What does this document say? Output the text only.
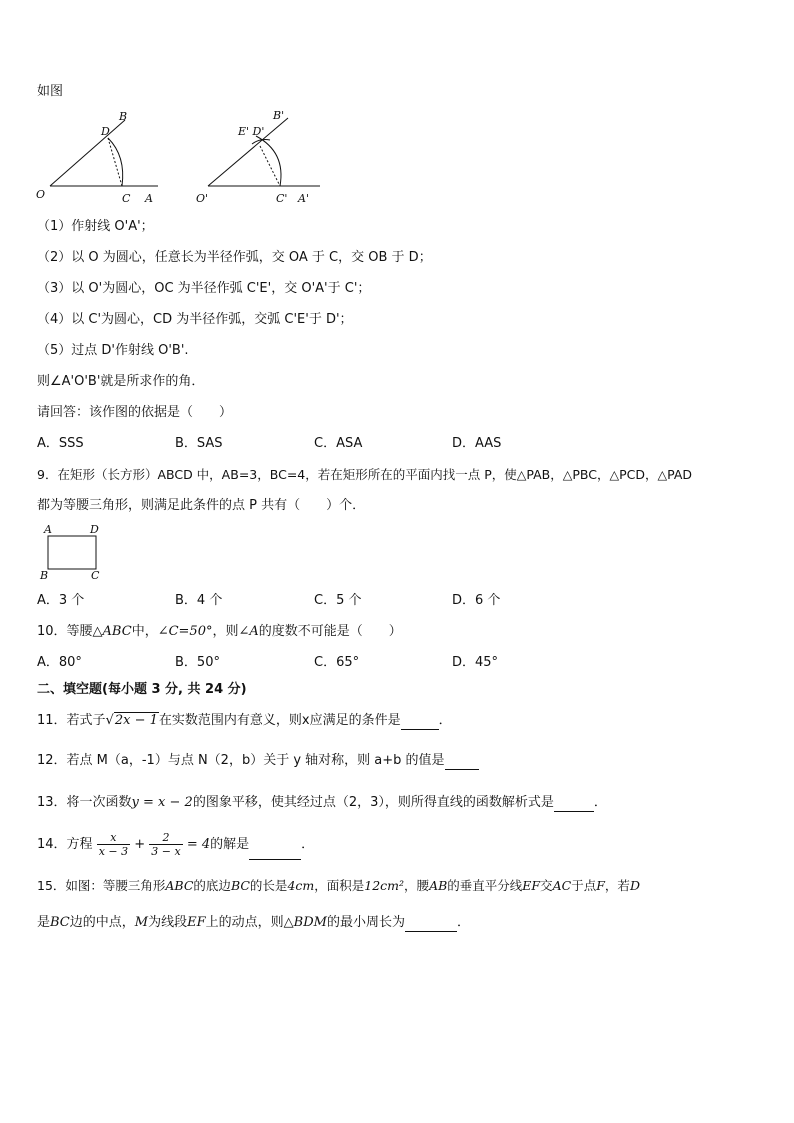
如图
B
D
O	C A
B'
E' D'
O'	C' A'
（1）作射线 O'A'；
（2）以 O 为圆心，任意长为半径作弧，交 OA 于 C，交 OB 于 D；
（3）以 O'为圆心，OC 为半径作弧 C'E'，交 O'A'于 C'；
（4）以 C'为圆心，CD 为半径作弧，交弧 C'E'于 D'；
（5）过点 D'作射线 O'B'.
则∠A'O'B'就是所求作的角．
请回答：该作图的依据是（　　）
A．SSS	B．SAS	C．ASA	D．AAS
9．在矩形（长方形）ABCD 中，AB=3，BC=4，若在矩形所在的平面内找一点 P，使△PAB，△PBC，△PCD，△PAD
都为等腰三角形，则满足此条件的点 P 共有（　　）个．
A	D
B	C
A．3 个	B．4 个	C．5 个	D．6 个
10．等腰△ABC中，∠C=50°，则∠A的度数不可能是（　　）
A．80°	B．50°	C．65°	D．45°
二、填空题(每小题 3 分, 共 24 分)
11．若式子√2x − 1在实数范围内有意义，则x应满足的条件是	．
12．若点 M（a，-1）与点 N（2，b）关于 y 轴对称，则 a+b 的值是
13．将一次函数y = x − 2的图象平移，使其经过点（2，3），则所得直线的函数解析式是	．
14．方程 $\frac{x}{x - 3} + \frac{2}{3 - x} = 4$的解是	．
15．如图：等腰三角形ABC的底边BC的长是4cm，面积是12cm²，腰AB的垂直平分线EF交AC于点F，若D
是BC边的中点，M为线段EF上的动点，则△BDM的最小周长为	．
